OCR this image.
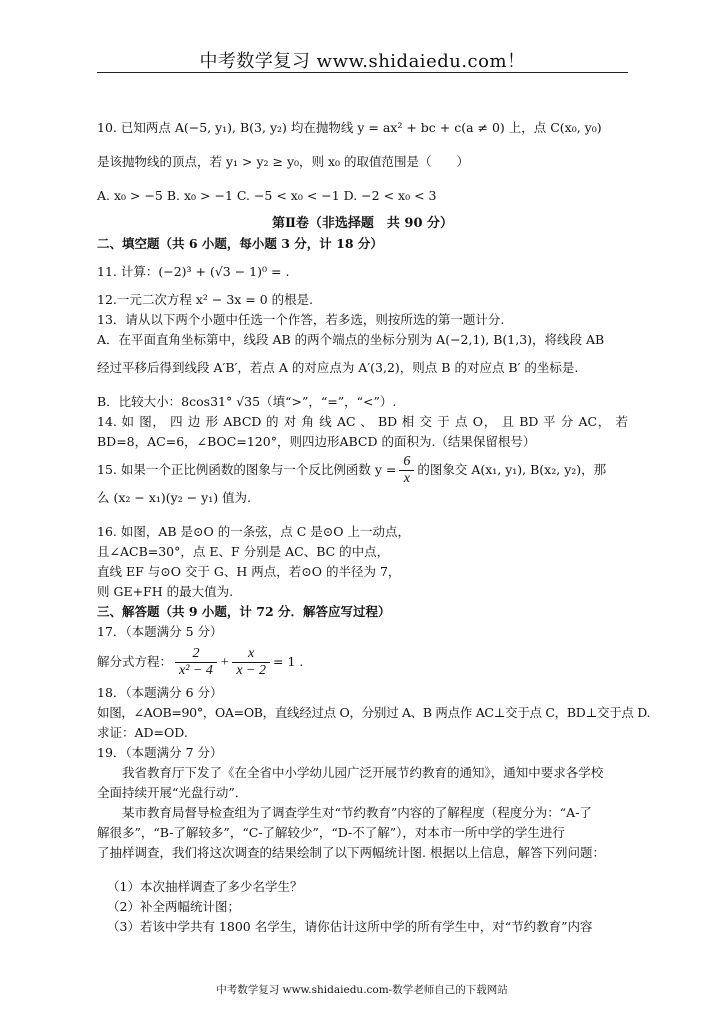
中考数学复习 www.shidaiedu.com！
10. 已知两点 A(−5, y₁), B(3, y₂) 均在抛物线 y = ax² + bc + c(a ≠ 0) 上，点 C(x₀, y₀)
是该抛物线的顶点，若 y₁ > y₂ ≥ y₀，则 x₀ 的取值范围是（　　）
A. x₀ > −5 B. x₀ > −1 C. −5 < x₀ < −1 D. −2 < x₀ < 3
第Ⅱ卷（非选择题　共 90 分）
二、填空题（共 6 小题，每小题 3 分，计 18 分）
11. 计算：(−2)³ + (√3 − 1)⁰ = .
12.一元二次方程 x² − 3x = 0 的根是.
13．请从以下两个小题中任选一个作答，若多选，则按所选的第一题计分.
A．在平面直角坐标第中，线段 AB 的两个端点的坐标分别为 A(−2,1), B(1,3)，将线段 AB
经过平移后得到线段 A′B′，若点 A 的对应点为 A′(3,2)，则点 B 的对应点 B′ 的坐标是.
B．比较大小：8cos31° √35（填“>”，“=”，“<”）.
14. 如 图， 四 边 形 ABCD 的 对 角 线 AC 、 BD 相 交 于 点 O， 且 BD 平 分 AC， 若
BD=8，AC=6，∠BOC=120°，则四边形ABCD 的面积为.（结果保留根号）
15. 如果一个正比例函数的图象与一个反比例函数 $y = \frac{6}{x}$ 的图象交 A(x₁, y₁), B(x₂, y₂)，那
么 (x₂ − x₁)(y₂ − y₁) 值为.
16. 如图，AB 是⊙O 的一条弦，点 C 是⊙O 上一动点，
且∠ACB=30°，点 E、F 分别是 AC、BC 的中点，
直线 EF 与⊙O 交于 G、H 两点，若⊙O 的半径为 7，
则 GE+FH 的最大值为.
三、解答题（共 9 小题，计 72 分．解答应写过程）
17．（本题满分 5 分）
解分式方程： $\frac{2}{\text{x² − 4}} + \frac{x}{x - 2} = 1$ .
18．（本题满分 6 分）
如图，∠AOB=90°，OA=OB，直线经过点 O，分别过 A、B 两点作 AC⊥交于点 C，BD⊥交于点 D.
求证：AD=OD.
19．（本题满分 7 分）
我省教育厅下发了《在全省中小学幼儿园广泛开展节约教育的通知》，通知中要求各学校
全面持续开展“光盘行动”．
某市教育局督导检查组为了调查学生对“节约教育”内容的了解程度（程度分为：“A-了
解很多”，“B-了解较多”，“C-了解较少”，“D-不了解”），对本市一所中学的学生进行
了抽样调查，我们将这次调查的结果绘制了以下两幅统计图. 根据以上信息，解答下列问题：
（1）本次抽样调查了多少名学生？
（2）补全两幅统计图；
（3）若该中学共有 1800 名学生，请你估计这所中学的所有学生中，对“节约教育”内容
中考数学复习 www.shidaiedu.com-数学老师自己的下载网站
